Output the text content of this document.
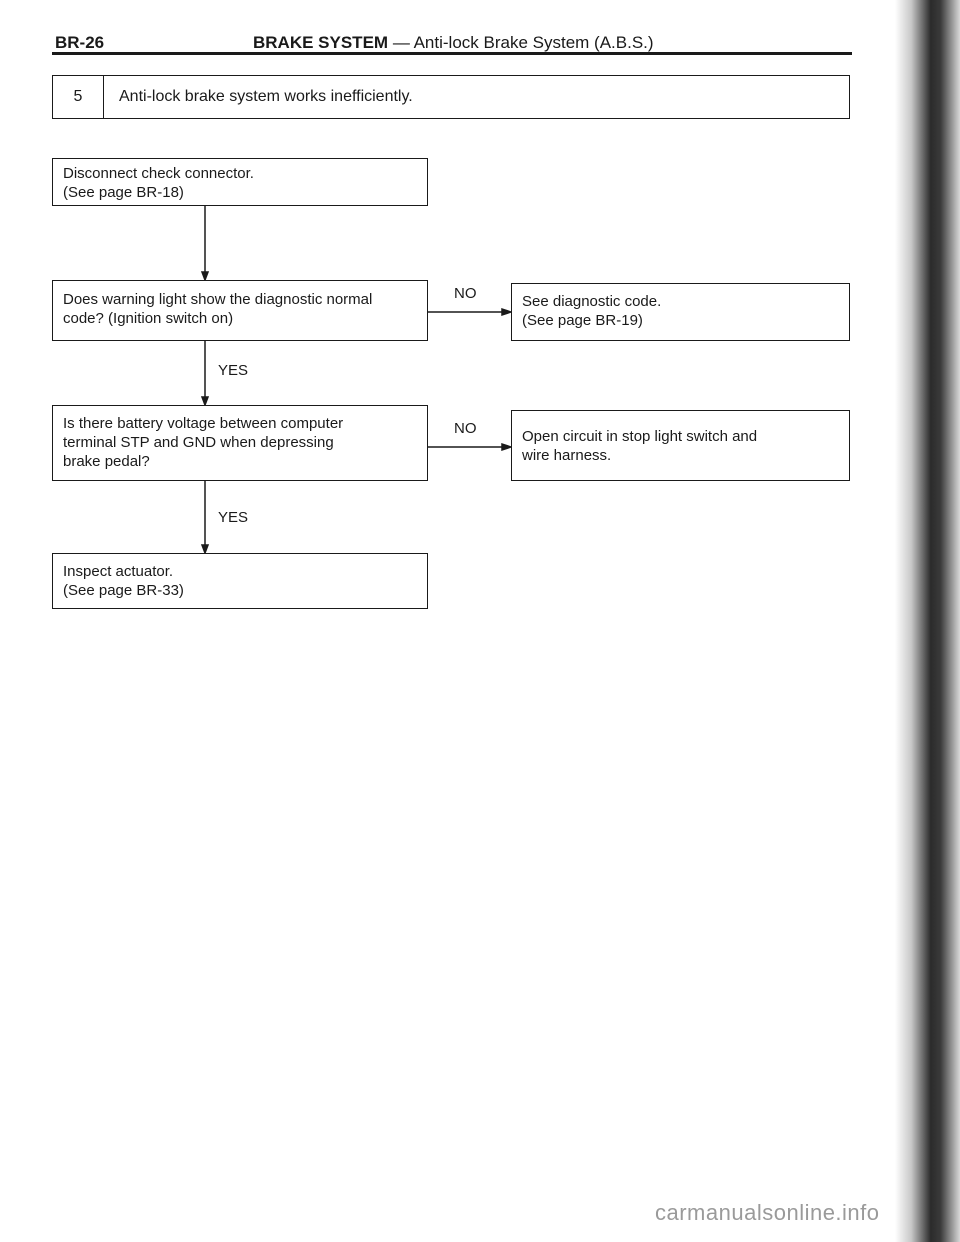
BR-26	BRAKE SYSTEM — Anti-lock Brake System (A.B.S.)
5	Anti-lock brake system works inefficiently.
Disconnect check connector.
(See page BR-18)
Does warning light show the diagnostic normal
code? (Ignition switch on)
NO	See diagnostic code.
(See page BR-19)
YES
Is there battery voltage between computer
terminal STP and GND when depressing
brake pedal?
NO	Open circuit in stop light switch and
wire harness.
YES
Inspect actuator.
(See page BR-33)
carmanualsonline.info
